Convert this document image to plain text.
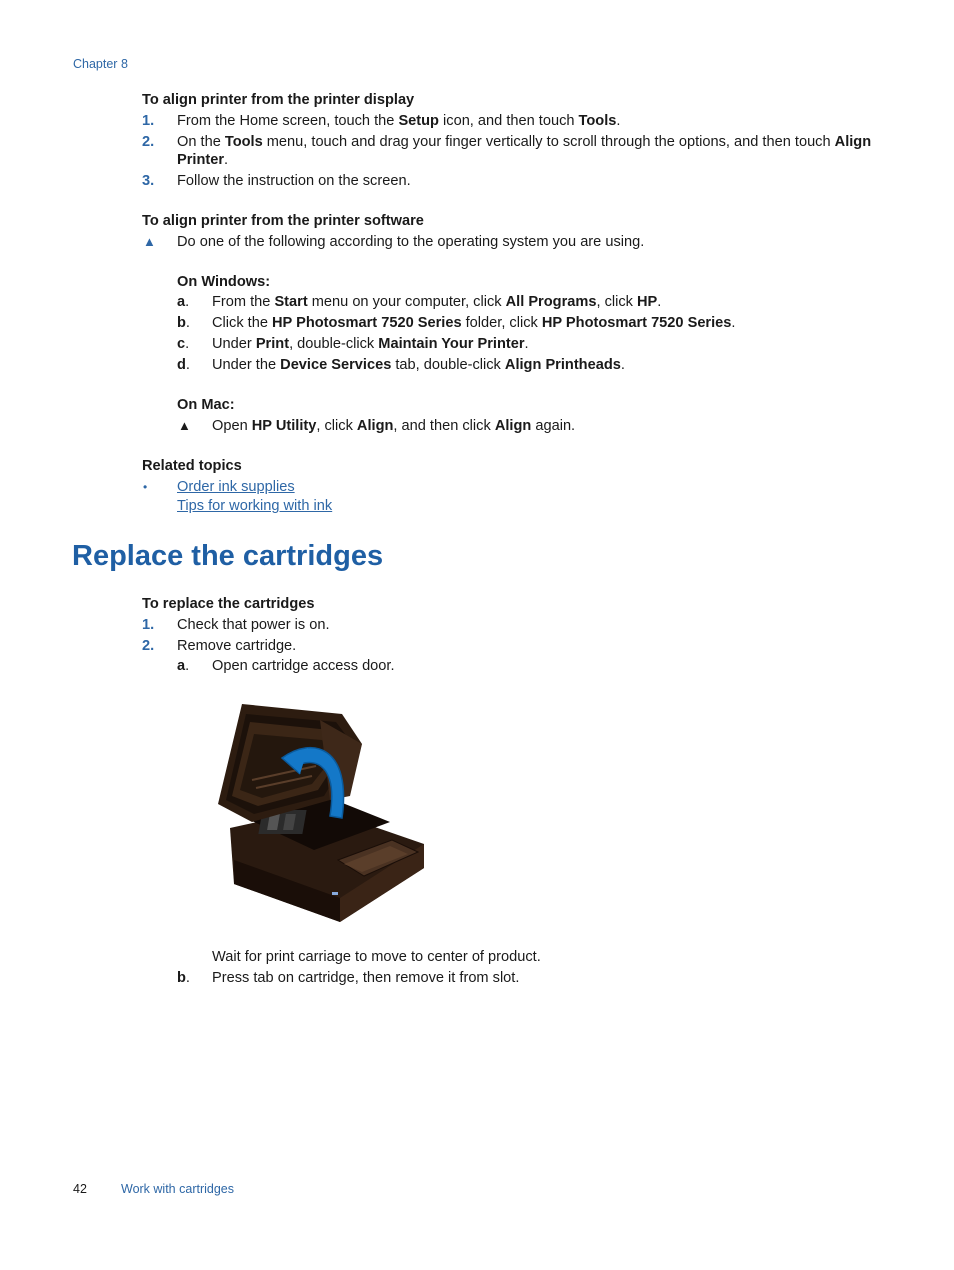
Chapter 8
To align printer from the printer display
1. From the Home screen, touch the Setup icon, and then touch Tools.
2. On the Tools menu, touch and drag your finger vertically to scroll through the options, and then touch Align
Printer.
3. Follow the instruction on the screen.
To align printer from the printer software
▲ Do one of the following according to the operating system you are using.
On Windows:
a. From the Start menu on your computer, click All Programs, click HP.
b. Click the HP Photosmart 7520 Series folder, click HP Photosmart 7520 Series.
c. Under Print, double-click Maintain Your Printer.
d. Under the Device Services tab, double-click Align Printheads.
On Mac:
▲ Open HP Utility, click Align, and then click Align again.
Related topics
• Order ink supplies
Tips for working with ink
Replace the cartridges
To replace the cartridges
1. Check that power is on.
2. Remove cartridge.
a. Open cartridge access door.
Wait for print carriage to move to center of product.
b. Press tab on cartridge, then remove it from slot.
42	Work with cartridges
